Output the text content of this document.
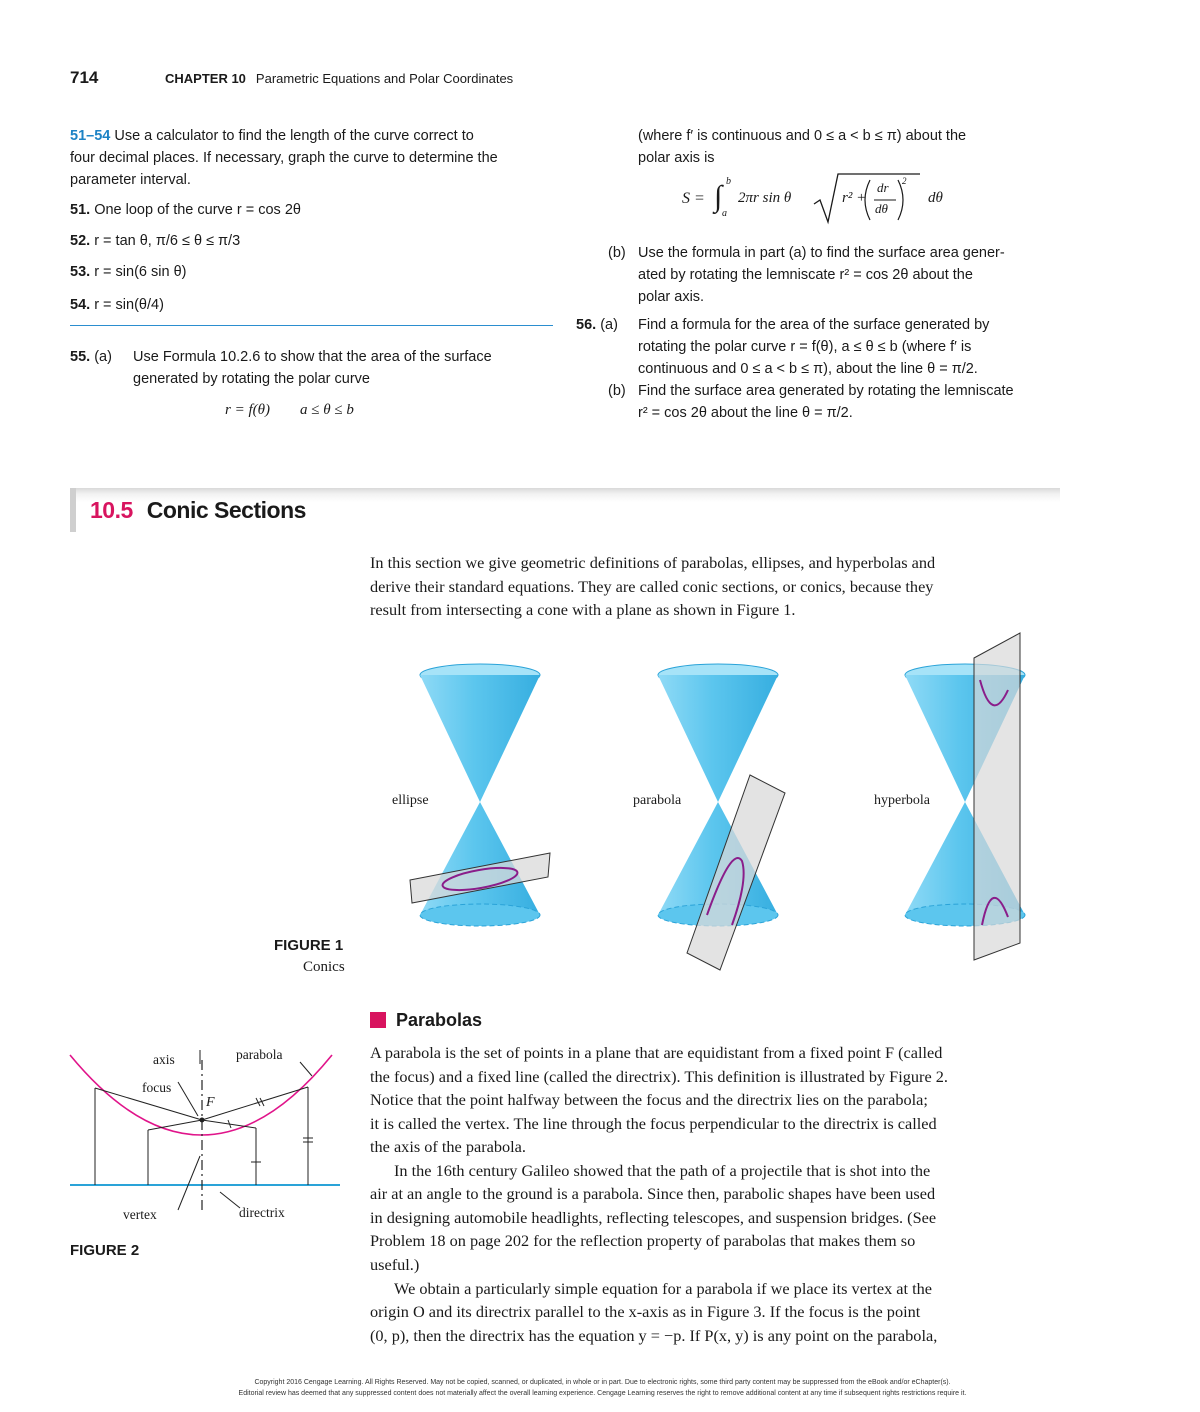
714	CHAPTER 10 Parametric Equations and Polar Coordinates
51–54 Use a calculator to find the length of the curve correct to
four decimal places. If necessary, graph the curve to determine the
parameter interval.
51. One loop of the curve r = cos 2θ
52. r = tan θ, π/6 ≤ θ ≤ π/3
53. r = sin(6 sin θ)
54. r = sin(θ/4)
55. (a) Use Formula 10.2.6 to show that the area of the surface
generated by rotating the polar curve
r = f(θ)        a ≤ θ ≤ b
(where f′ is continuous and 0 ≤ a < b ≤ π) about the
polar axis is
S = ∫ b
a
2πr sin θ	r² +
dr
dθ
2
dθ
(b) Use the formula in part (a) to find the surface area gener-
ated by rotating the lemniscate r² = cos 2θ about the
polar axis.
56. (a) Find a formula for the area of the surface generated by
rotating the polar curve r = f(θ), a ≤ θ ≤ b (where f′ is
continuous and 0 ≤ a < b ≤ π), about the line θ = π/2.
(b) Find the surface area generated by rotating the lemniscate
r² = cos 2θ about the line θ = π/2.
10.5 Conic Sections
In this section we give geometric definitions of parabolas, ellipses, and hyperbolas and
derive their standard equations. They are called conic sections, or conics, because they
result from intersecting a cone with a plane as shown in Figure 1.
ellipse	parabola	hyperbola
FIGURE 1
Conics
axis	parabola
focus
F
vertex	directrix
FIGURE 2
Parabolas
A parabola is the set of points in a plane that are equidistant from a fixed point F (called
the focus) and a fixed line (called the directrix). This definition is illustrated by Figure 2.
Notice that the point halfway between the focus and the directrix lies on the parabola;
it is called the vertex. The line through the focus perpendicular to the directrix is called
the axis of the parabola.
In the 16th century Galileo showed that the path of a projectile that is shot into the
air at an angle to the ground is a parabola. Since then, parabolic shapes have been used
in designing automobile headlights, reflecting telescopes, and suspension bridges. (See
Problem 18 on page 202 for the reflection property of parabolas that makes them so
useful.)
We obtain a particularly simple equation for a parabola if we place its vertex at the
origin O and its directrix parallel to the x-axis as in Figure 3. If the focus is the point
(0, p), then the directrix has the equation y = −p. If P(x, y) is any point on the parabola,
Copyright 2016 Cengage Learning. All Rights Reserved. May not be copied, scanned, or duplicated, in whole or in part. Due to electronic rights, some third party content may be suppressed from the eBook and/or eChapter(s).
Editorial review has deemed that any suppressed content does not materially affect the overall learning experience. Cengage Learning reserves the right to remove additional content at any time if subsequent rights restrictions require it.
